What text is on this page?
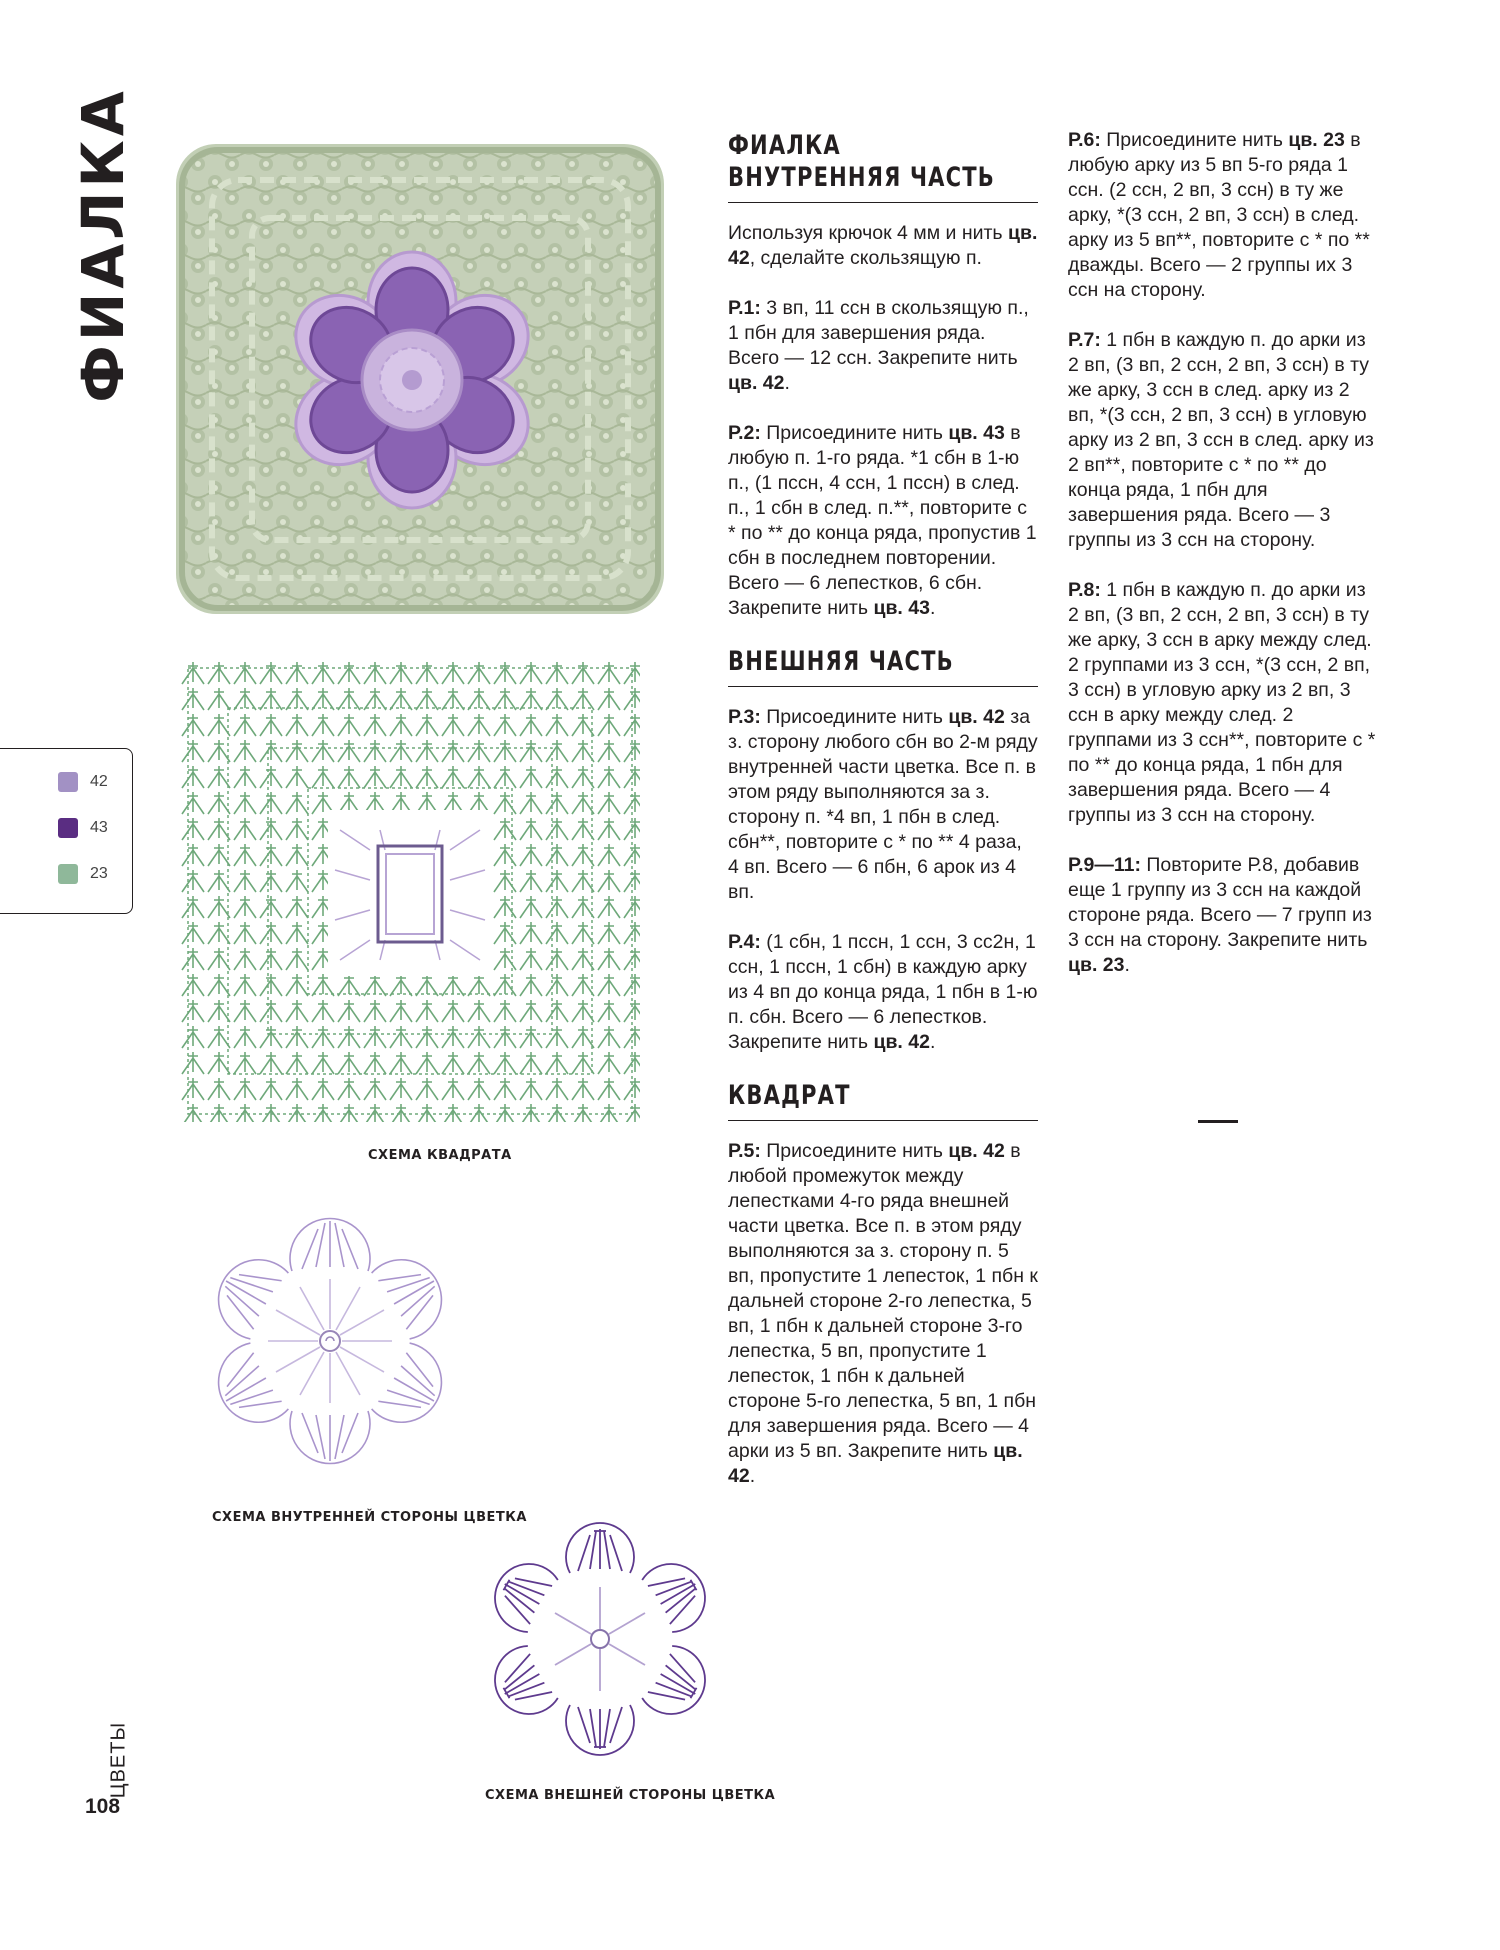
ФИАЛКА
СХЕМА КВАДРАТА
42
43
23
СХЕМА ВНУТРЕННЕЙ СТОРОНЫ ЦВЕТКА
СХЕМА ВНЕШНЕЙ СТОРОНЫ ЦВЕТКА
ФИАЛКА
ВНУТРЕННЯЯ ЧАСТЬ

Используя крючок 4 мм и нить цв. 42, сделайте скользящую п.

Р.1: 3 вп, 11 ссн в скользящую п., 1 пбн для завершения ряда. Всего — 12 ссн. Закрепите нить цв. 42.

Р.2: Присоедините нить цв. 43 в любую п. 1-го ряда. *1 сбн в 1-ю п., (1 пссн, 4 ссн, 1 пссн) в след. п., 1 сбн в след. п.**, повторите с * по ** до конца ряда, пропустив 1 сбн в последнем повторении. Всего — 6 лепестков, 6 сбн. Закрепите нить цв. 43.

ВНЕШНЯЯ ЧАСТЬ

Р.3: Присоедините нить цв. 42 за з. сторону любого сбн во 2-м ряду внутренней части цветка. Все п. в этом ряду выполняются за з. сторону п. *4 вп, 1 пбн в след. сбн**, повторите с * по ** 4 раза, 4 вп. Всего — 6 пбн, 6 арок из 4 вп.

Р.4: (1 сбн, 1 пссн, 1 ссн, 3 сс2н, 1 ссн, 1 пссн, 1 сбн) в каждую арку из 4 вп до конца ряда, 1 пбн в 1-ю п. сбн. Всего — 6 лепестков. Закрепите нить цв. 42.

КВАДРАТ

Р.5: Присоедините нить цв. 42 в любой промежуток между лепестками 4-го ряда внешней части цветка. Все п. в этом ряду выполняются за з. сторону п. 5 вп, пропустите 1 лепесток, 1 пбн к дальней стороне 2-го лепестка, 5 вп, 1 пбн к дальней стороне 3-го лепестка, 5 вп, пропустите 1 лепесток, 1 пбн к дальней стороне 5-го лепестка, 5 вп, 1 пбн для завершения ряда. Всего — 4 арки из 5 вп. Закрепите нить цв. 42.

Р.6: Присоедините нить цв. 23 в любую арку из 5 вп 5-го ряда 1 ссн. (2 ссн, 2 вп, 3 ссн) в ту же арку, *(3 ссн, 2 вп, 3 ссн) в след. арку из 5 вп**, повторите с * по ** дважды. Всего — 2 группы их 3 ссн на сторону.

Р.7: 1 пбн в каждую п. до арки из 2 вп, (3 вп, 2 ссн, 2 вп, 3 ссн) в ту же арку, 3 ссн в след. арку из 2 вп, *(3 ссн, 2 вп, 3 ссн) в угловую арку из 2 вп, 3 ссн в след. арку из 2 вп**, повторите с * по ** до конца ряда, 1 пбн для завершения ряда. Всего — 3 группы из 3 ссн на сторону.

Р.8: 1 пбн в каждую п. до арки из 2 вп, (3 вп, 2 ссн, 2 вп, 3 ссн) в ту же арку, 3 ссн в арку между след. 2 группами из 3 ссн, *(3 ссн, 2 вп, 3 ссн) в угловую арку из 2 вп, 3 ссн в арку между след. 2 группами из 3 ссн**, повторите с * по ** до конца ряда, 1 пбн для завершения ряда. Всего — 4 группы из 3 ссн на сторону.

Р.9—11: Повторите Р.8, добавив еще 1 группу из 3 ссн на каждой стороне ряда. Всего — 7 групп из 3 ссн на сторону. Закрепите нить цв. 23.

ЦВЕТЫ
108
